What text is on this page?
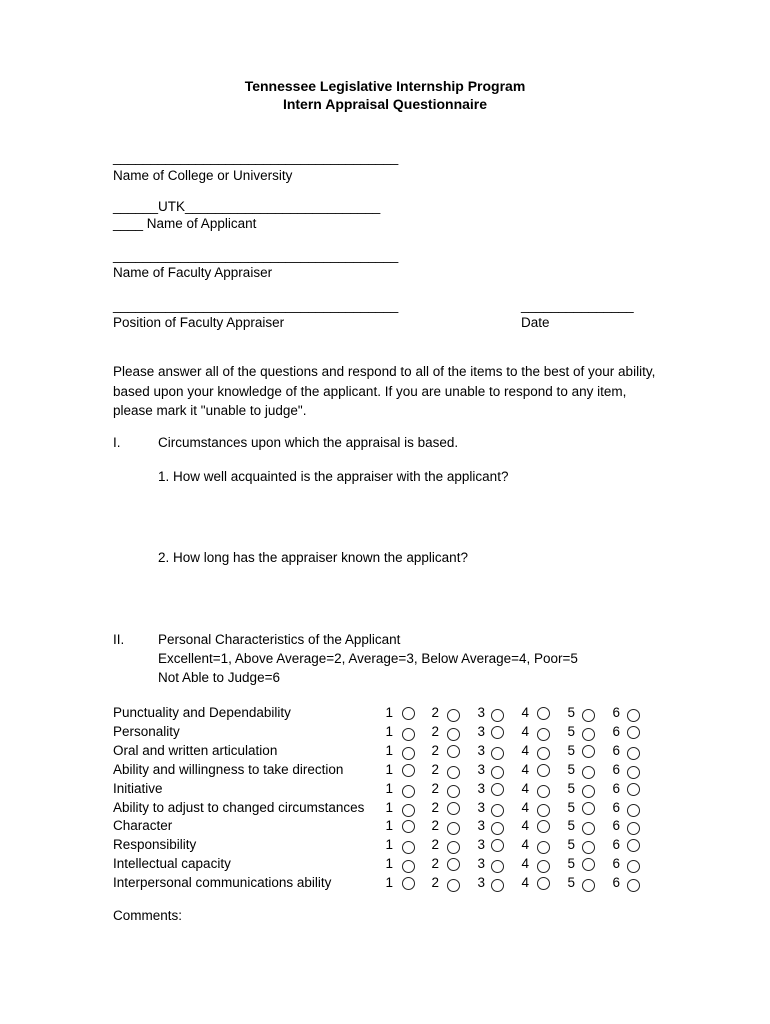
Tennessee Legislative Internship Program
Intern Appraisal Questionnaire
______________________________________
Name of College or University
______UTK__________________________
____ Name of Applicant
______________________________________
Name of Faculty Appraiser
______________________________________
Position of Faculty Appraiser
_______________
Date
Please answer all of the questions and respond to all of the items to the best of your ability, based upon your knowledge of the applicant. If you are unable to respond to any item, please mark it "unable to judge".
I.	Circumstances upon which the appraisal is based.
1. How well acquainted is the appraiser with the applicant?
2. How long has the appraiser known the applicant?
II. Personal Characteristics of the Applicant
Excellent=1, Above Average=2, Average=3, Below Average=4, Poor=5
Not Able to Judge=6
Punctuality and Dependability	1	2	3	4	5	6
Personality	1	2	3	4	5	6
Oral and written articulation	1	2	3	4	5	6
Ability and willingness to take direction	1	2	3	4	5	6
Initiative	1	2	3	4	5	6
Ability to adjust to changed circumstances 1	2	3	4	5	6
Character	1	2	3	4	5	6
Responsibility	1	2	3	4	5	6
Intellectual capacity	1	2	3	4	5	6
Interpersonal communications ability	1	2	3	4	5	6
Comments:
